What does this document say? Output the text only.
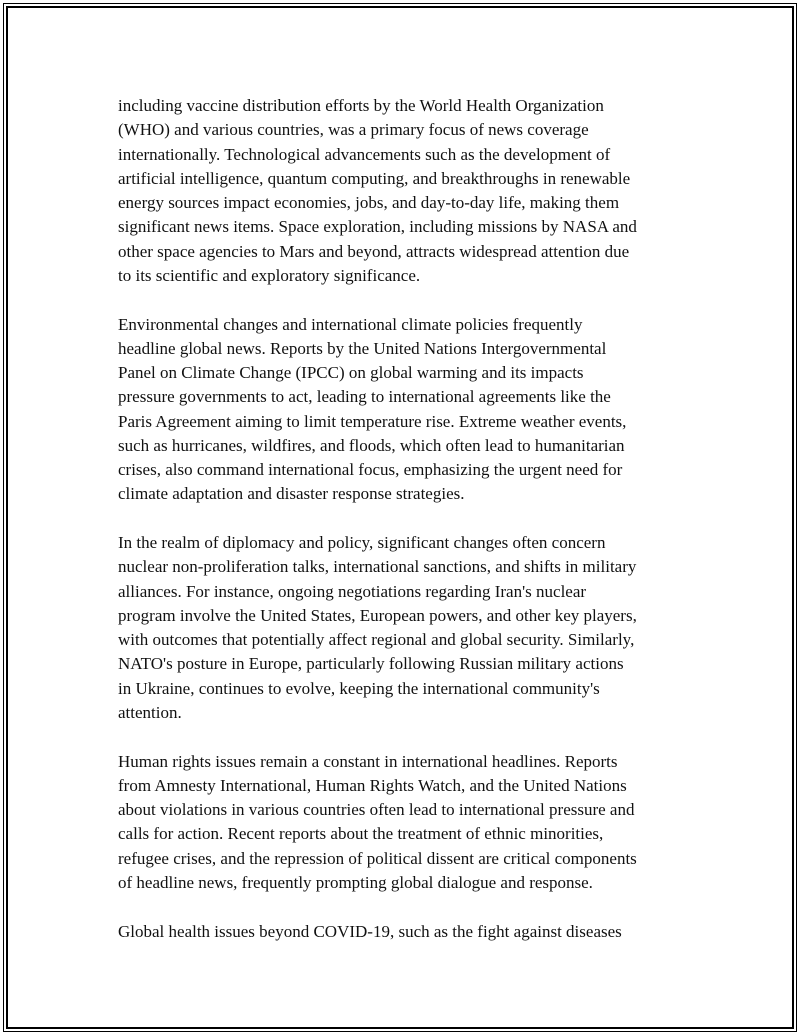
including vaccine distribution efforts by the World Health Organization
(WHO) and various countries, was a primary focus of news coverage
internationally. Technological advancements such as the development of
artificial intelligence, quantum computing, and breakthroughs in renewable
energy sources impact economies, jobs, and day-to-day life, making them
significant news items. Space exploration, including missions by NASA and
other space agencies to Mars and beyond, attracts widespread attention due
to its scientific and exploratory significance.

Environmental changes and international climate policies frequently
headline global news. Reports by the United Nations Intergovernmental
Panel on Climate Change (IPCC) on global warming and its impacts
pressure governments to act, leading to international agreements like the
Paris Agreement aiming to limit temperature rise. Extreme weather events,
such as hurricanes, wildfires, and floods, which often lead to humanitarian
crises, also command international focus, emphasizing the urgent need for
climate adaptation and disaster response strategies.

In the realm of diplomacy and policy, significant changes often concern
nuclear non-proliferation talks, international sanctions, and shifts in military
alliances. For instance, ongoing negotiations regarding Iran's nuclear
program involve the United States, European powers, and other key players,
with outcomes that potentially affect regional and global security. Similarly,
NATO's posture in Europe, particularly following Russian military actions
in Ukraine, continues to evolve, keeping the international community's
attention.

Human rights issues remain a constant in international headlines. Reports
from Amnesty International, Human Rights Watch, and the United Nations
about violations in various countries often lead to international pressure and
calls for action. Recent reports about the treatment of ethnic minorities,
refugee crises, and the repression of political dissent are critical components
of headline news, frequently prompting global dialogue and response.

Global health issues beyond COVID-19, such as the fight against diseases
